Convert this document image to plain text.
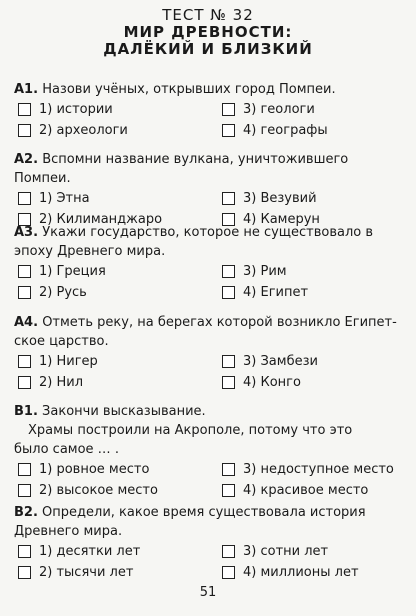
ТЕСТ № 32
МИР ДРЕВНОСТИ:
ДАЛЁКИЙ И БЛИЗКИЙ

А1. Назови учёных, открывших город Помпеи.

1) истории	3) геологи
2) археологи	4) географы

А2. Вспомни название вулкана, уничтожившего Помпеи.

1) Этна	3) Везувий
2) Килиманджаро	4) Камерун

А3. Укажи государство, которое не существовало в

эпоху Древнего мира.

1) Греция	3) Рим
2) Русь	4) Египет

А4. Отметь реку, на берегах которой возникло Египет-

ское царство.

1) Нигер	3) Замбези
2) Нил	4) Конго

В1. Закончи высказывание.

Храмы построили на Акрополе, потому что это

было самое … .

1) ровное место	3) недоступное место
2) высокое место	4) красивое место

В2. Определи, какое время существовала история

Древнего мира.

1) десятки лет	3) сотни лет
2) тысячи лет	4) миллионы лет
51
